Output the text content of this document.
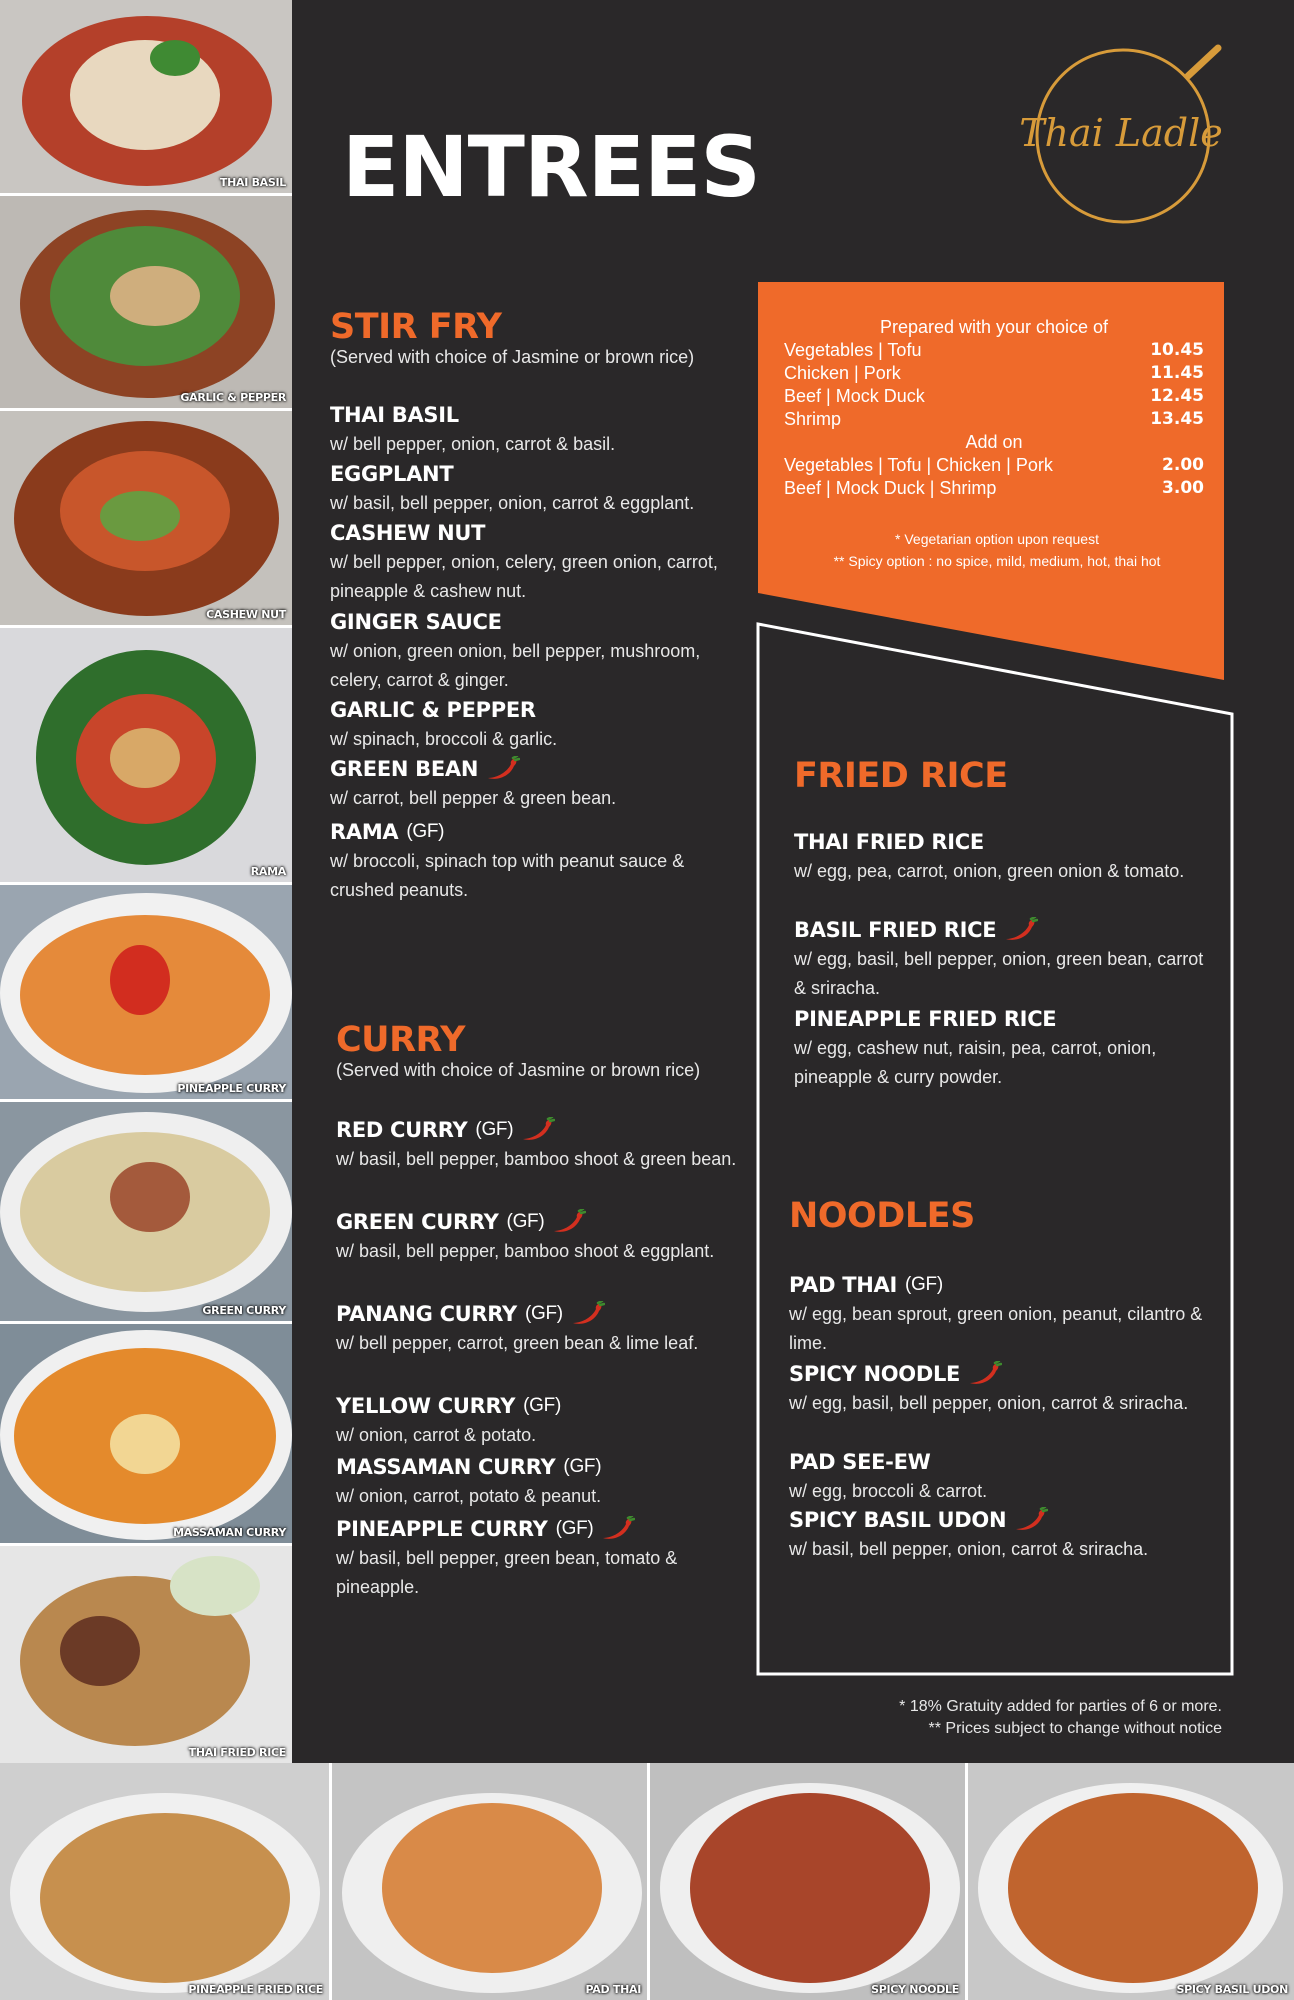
THAI BASIL
GARLIC & PEPPER
CASHEW NUT
RAMA
PINEAPPLE CURRY
GREEN CURRY
MASSAMAN CURRY
THAI FRIED RICE
PINEAPPLE FRIED RICE	PAD THAI	SPICY NOODLE	SPICY BASIL UDON
ENTREES	Thai Ladle
STIR FRY
(Served with choice of Jasmine or brown rice)
THAI BASIL
w/ bell pepper, onion, carrot & basil.
EGGPLANT
w/ basil, bell pepper, onion, carrot & eggplant.
CASHEW NUT
w/ bell pepper, onion, celery, green onion, carrot, pineapple & cashew nut.
GINGER SAUCE
w/ onion, green onion, bell pepper, mushroom, celery, carrot & ginger.
GARLIC & PEPPER
w/ spinach, broccoli & garlic.
GREEN BEAN
w/ carrot, bell pepper & green bean.
RAMA (GF)
w/ broccoli, spinach top with peanut sauce & crushed peanuts.
CURRY
(Served with choice of Jasmine or brown rice)
RED CURRY (GF)
w/ basil, bell pepper, bamboo shoot & green bean.
GREEN CURRY (GF)
w/ basil, bell pepper, bamboo shoot & eggplant.
PANANG CURRY (GF)
w/ bell pepper, carrot, green bean & lime leaf.
YELLOW CURRY (GF)
w/ onion, carrot & potato.
MASSAMAN CURRY (GF)
w/ onion, carrot, potato & peanut.
PINEAPPLE CURRY (GF)
w/ basil, bell pepper, green bean, tomato & pineapple.
Prepared with your choice of
Vegetables | Tofu	10.45
Chicken | Pork	11.45
Beef | Mock Duck	12.45
Shrimp	13.45
Add on
Vegetables | Tofu | Chicken | Pork	2.00
Beef | Mock Duck | Shrimp	3.00
* Vegetarian option upon request
** Spicy option : no spice, mild, medium, hot, thai hot
FRIED RICE
THAI FRIED RICE
w/ egg, pea, carrot, onion, green onion & tomato.
BASIL FRIED RICE
w/ egg, basil, bell pepper, onion, green bean, carrot & sriracha.
PINEAPPLE FRIED RICE
w/ egg, cashew nut, raisin, pea, carrot, onion, pineapple & curry powder.
NOODLES
PAD THAI (GF)
w/ egg, bean sprout, green onion, peanut, cilantro & lime.
SPICY NOODLE
w/ egg, basil, bell pepper, onion, carrot & sriracha.
PAD SEE-EW
w/ egg, broccoli & carrot.
SPICY BASIL UDON
w/ basil, bell pepper, onion, carrot & sriracha.
* 18% Gratuity added for parties of 6 or more.
** Prices subject to change without notice
